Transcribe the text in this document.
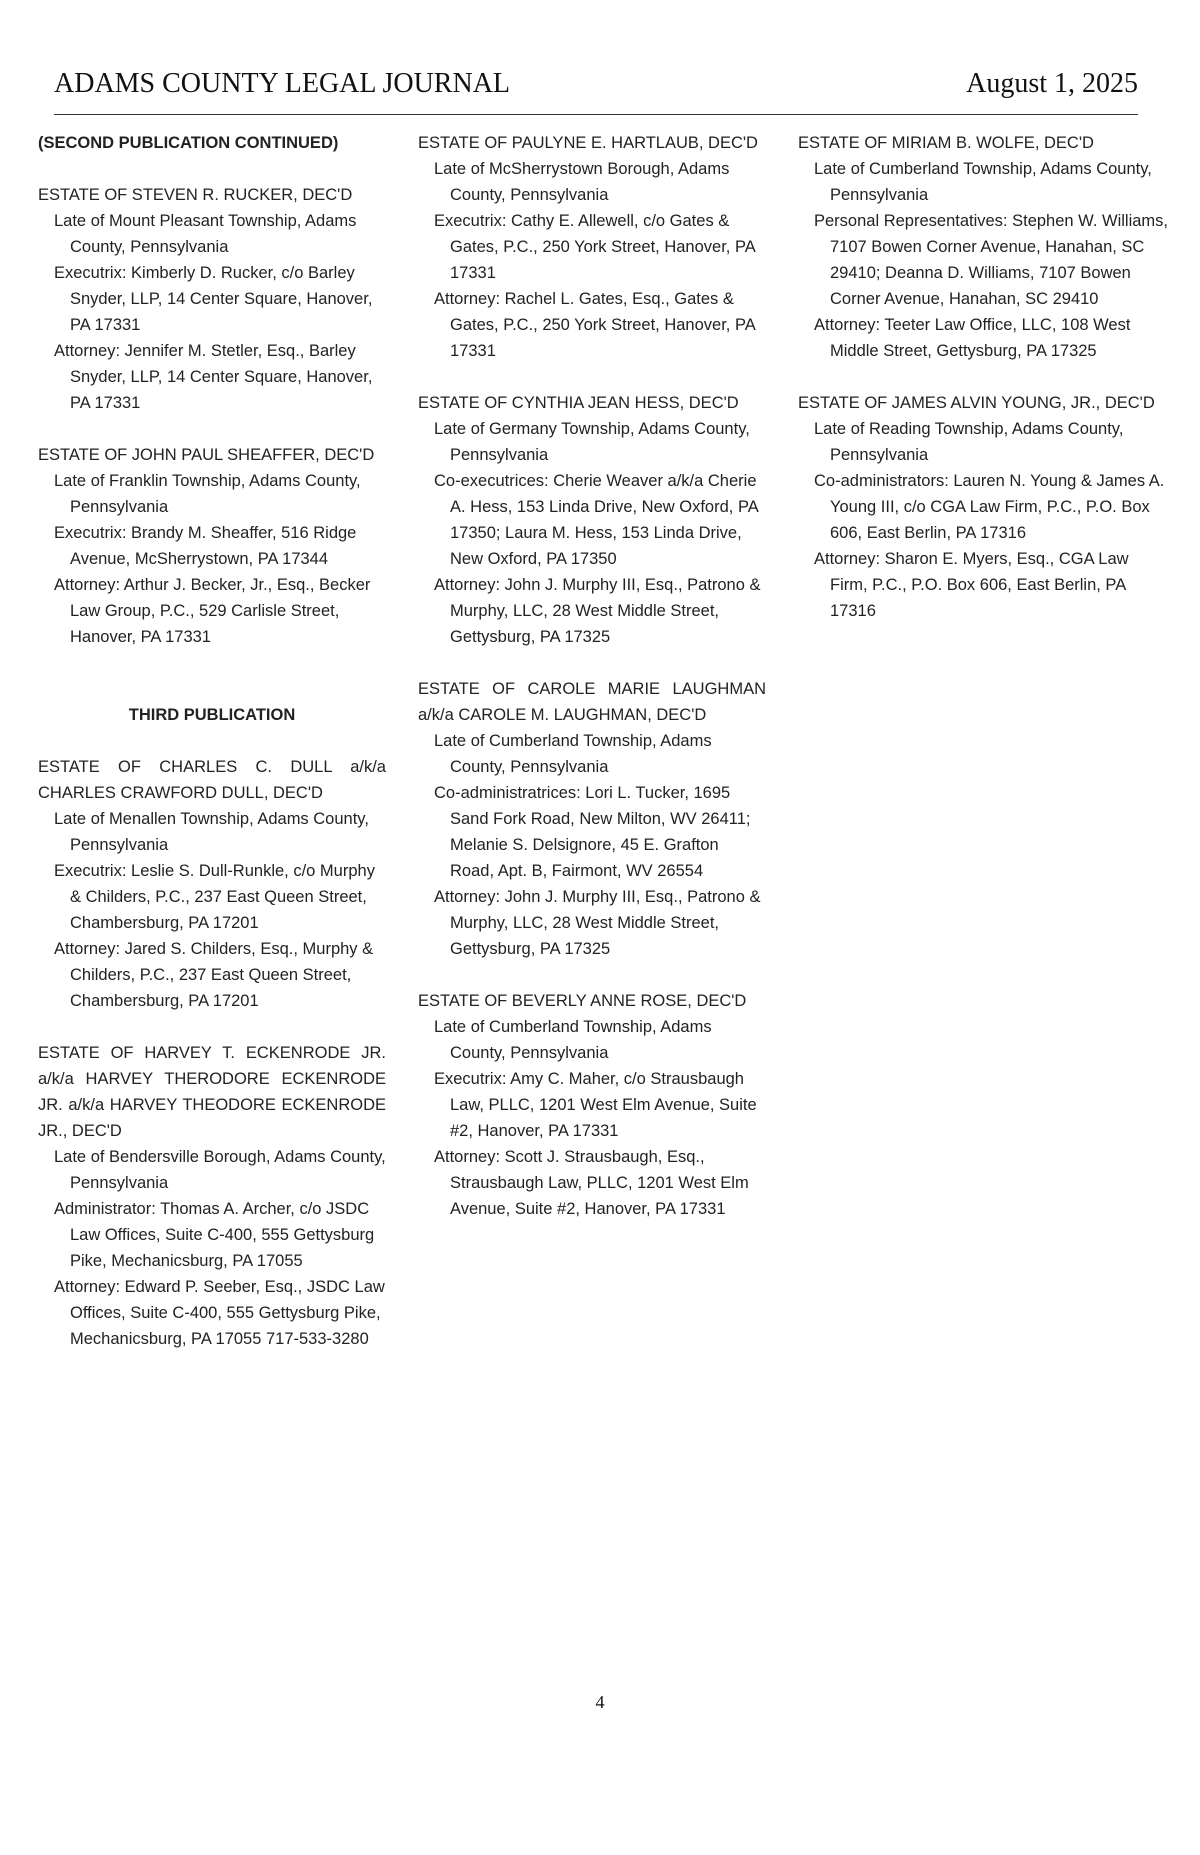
ADAMS COUNTY LEGAL JOURNAL	August 1, 2025

(SECOND PUBLICATION CONTINUED)

ESTATE OF STEVEN R. RUCKER, DEC'D
Late of Mount Pleasant Township, Adams County, Pennsylvania
Executrix: Kimberly D. Rucker, c/o Barley Snyder, LLP, 14 Center Square, Hanover, PA 17331
Attorney: Jennifer M. Stetler, Esq., Barley Snyder, LLP, 14 Center Square, Hanover, PA 17331
ESTATE OF JOHN PAUL SHEAFFER, DEC'D
Late of Franklin Township, Adams County, Pennsylvania
Executrix: Brandy M. Sheaffer, 516 Ridge Avenue, McSherrystown, PA 17344
Attorney: Arthur J. Becker, Jr., Esq., Becker Law Group, P.C., 529 Carlisle Street, Hanover, PA 17331

THIRD PUBLICATION

ESTATE OF CHARLES C. DULL a/k/a CHARLES CRAWFORD DULL, DEC'D
Late of Menallen Township, Adams County, Pennsylvania
Executrix: Leslie S. Dull-Runkle, c/o Murphy & Childers, P.C., 237 East Queen Street, Chambersburg, PA 17201
Attorney: Jared S. Childers, Esq., Murphy & Childers, P.C., 237 East Queen Street, Chambersburg, PA 17201
ESTATE OF HARVEY T. ECKENRODE JR. a/k/a HARVEY THERODORE ECKENRODE JR. a/k/a HARVEY THEODORE ECKENRODE JR., DEC'D
Late of Bendersville Borough, Adams County, Pennsylvania
Administrator: Thomas A. Archer, c/o JSDC Law Offices, Suite C-400, 555 Gettysburg Pike, Mechanicsburg, PA 17055
Attorney: Edward P. Seeber, Esq., JSDC Law Offices, Suite C-400, 555 Gettysburg Pike, Mechanicsburg, PA 17055 717-533-3280
ESTATE OF PAULYNE E. HARTLAUB, DEC'D
Late of McSherrystown Borough, Adams County, Pennsylvania
Executrix: Cathy E. Allewell, c/o Gates & Gates, P.C., 250 York Street, Hanover, PA 17331
Attorney: Rachel L. Gates, Esq., Gates & Gates, P.C., 250 York Street, Hanover, PA 17331
ESTATE OF CYNTHIA JEAN HESS, DEC'D
Late of Germany Township, Adams County, Pennsylvania
Co-executrices: Cherie Weaver a/k/a Cherie A. Hess, 153 Linda Drive, New Oxford, PA 17350; Laura M. Hess, 153 Linda Drive, New Oxford, PA 17350
Attorney: John J. Murphy III, Esq., Patrono & Murphy, LLC, 28 West Middle Street, Gettysburg, PA 17325
ESTATE OF CAROLE MARIE LAUGHMAN a/k/a CAROLE M. LAUGHMAN, DEC'D
Late of Cumberland Township, Adams County, Pennsylvania
Co-administratrices: Lori L. Tucker, 1695 Sand Fork Road, New Milton, WV 26411; Melanie S. Delsignore, 45 E. Grafton Road, Apt. B, Fairmont, WV 26554
Attorney: John J. Murphy III, Esq., Patrono & Murphy, LLC, 28 West Middle Street, Gettysburg, PA 17325
ESTATE OF BEVERLY ANNE ROSE, DEC'D
Late of Cumberland Township, Adams County, Pennsylvania
Executrix: Amy C. Maher, c/o Strausbaugh Law, PLLC, 1201 West Elm Avenue, Suite #2, Hanover, PA 17331
Attorney: Scott J. Strausbaugh, Esq., Strausbaugh Law, PLLC, 1201 West Elm Avenue, Suite #2, Hanover, PA 17331
ESTATE OF MIRIAM B. WOLFE, DEC'D
Late of Cumberland Township, Adams County, Pennsylvania
Personal Representatives: Stephen W. Williams, 7107 Bowen Corner Avenue, Hanahan, SC 29410; Deanna D. Williams, 7107 Bowen Corner Avenue, Hanahan, SC 29410
Attorney: Teeter Law Office, LLC, 108 West Middle Street, Gettysburg, PA 17325
ESTATE OF JAMES ALVIN YOUNG, JR., DEC'D
Late of Reading Township, Adams County, Pennsylvania
Co-administrators: Lauren N. Young & James A. Young III, c/o CGA Law Firm, P.C., P.O. Box 606, East Berlin, PA 17316
Attorney: Sharon E. Myers, Esq., CGA Law Firm, P.C., P.O. Box 606, East Berlin, PA 17316
4
